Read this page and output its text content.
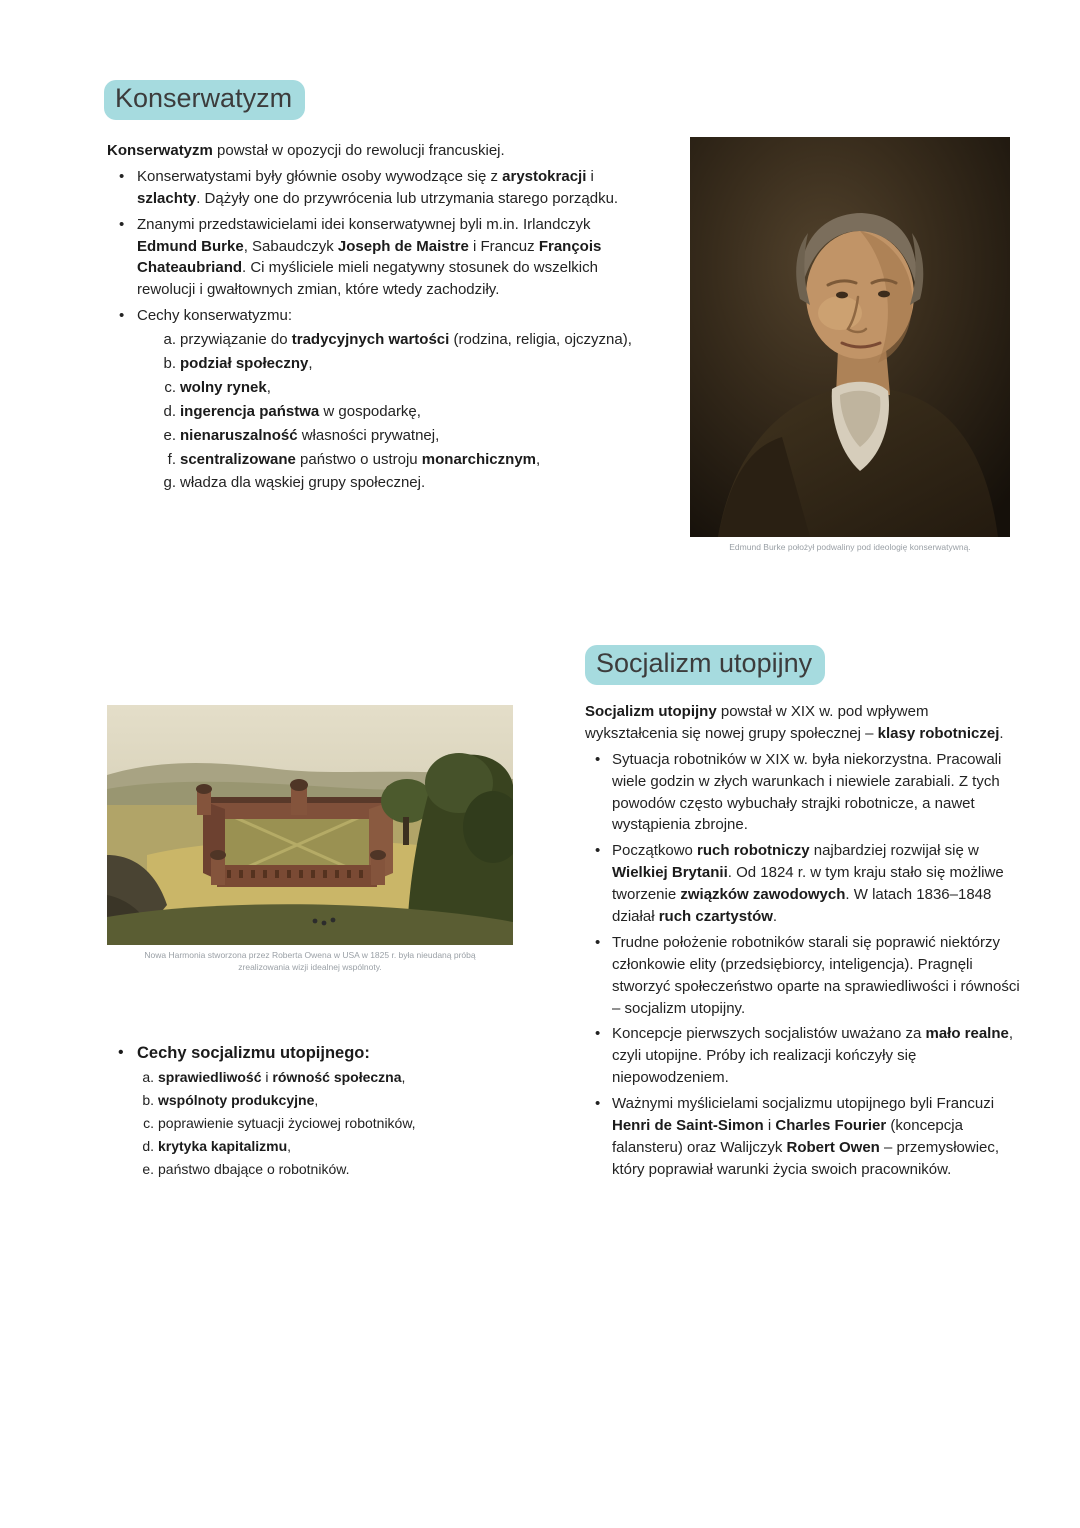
Konserwatyzm

Konserwatyzm powstał w opozycji do rewolucji francuskiej.

• Konserwatystami były głównie osoby wywodzące się z arystokracji i szlachty. Dążyły one do przywrócenia lub utrzymania starego porządku.
• Znanymi przedstawicielami idei konserwatywnej byli m.in. Irlandczyk Edmund Burke, Sabaudczyk Joseph de Maistre i Francuz François Chateaubriand. Ci myśliciele mieli negatywny stosunek do wszelkich rewolucji i gwałtownych zmian, które wtedy zachodziły.
• Cechy konserwatyzmu:
przywiązanie do tradycyjnych wartości (rodzina, religia, ojczyzna),
podział społeczny,
wolny rynek,
ingerencja państwa w gospodarkę,
nienaruszalność własności prywatnej,
scentralizowane państwo o ustroju monarchicznym,
władza dla wąskiej grupy społecznej.
Edmund Burke położył podwaliny pod ideologię konserwatywną.
Socjalizm utopijny

Socjalizm utopijny powstał w XIX w. pod wpływem wykształcenia się nowej grupy społecznej – klasy robotniczej.

• Sytuacja robotników w XIX w. była niekorzystna. Pracowali wiele godzin w złych warunkach i niewiele zarabiali. Z tych powodów często wybuchały strajki robotnicze, a nawet wystąpienia zbrojne.
• Początkowo ruch robotniczy najbardziej rozwijał się w Wielkiej Brytanii. Od 1824 r. w tym kraju stało się możliwe tworzenie związków zawodowych. W latach 1836–1848 działał ruch czartystów.
• Trudne położenie robotników starali się poprawić niektórzy członkowie elity (przedsiębiorcy, inteligencja). Pragnęli stworzyć społeczeństwo oparte na sprawiedliwości i równości – socjalizm utopijny.
• Koncepcje pierwszych socjalistów uważano za mało realne, czyli utopijne. Próby ich realizacji kończyły się niepowodzeniem.
• Ważnymi myślicielami socjalizmu utopijnego byli Francuzi Henri de Saint-Simon i Charles Fourier (koncepcja falansteru) oraz Walijczyk Robert Owen – przemysłowiec, który poprawiał warunki życia swoich pracowników.
Nowa Harmonia stworzona przez Roberta Owena w USA w 1825 r. była nieudaną próbą zrealizowania wizji idealnej wspólnoty.
• Cechy socjalizmu utopijnego:
sprawiedliwość i równość społeczna,
wspólnoty produkcyjne,
poprawienie sytuacji życiowej robotników,
krytyka kapitalizmu,
państwo dbające o robotników.
